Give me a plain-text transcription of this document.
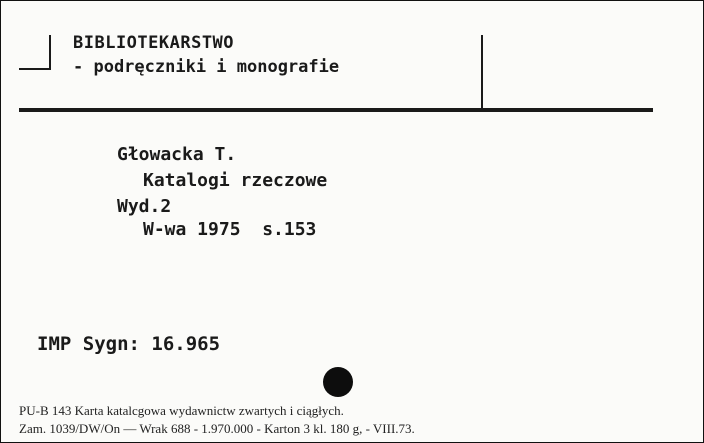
BIBLIOTEKARSTWO
- podręczniki i monografie
Głowacka T.
Katalogi rzeczowe
Wyd.2
W-wa 1975  s.153
IMP Sygn: 16.965
PU-B 143 Karta katalcgowa wydawnictw zwartych i ciągłych.
Zam. 1039/DW/On — Wrak 688 - 1.970.000 - Karton 3 kl. 180 g, - VIII.73.
